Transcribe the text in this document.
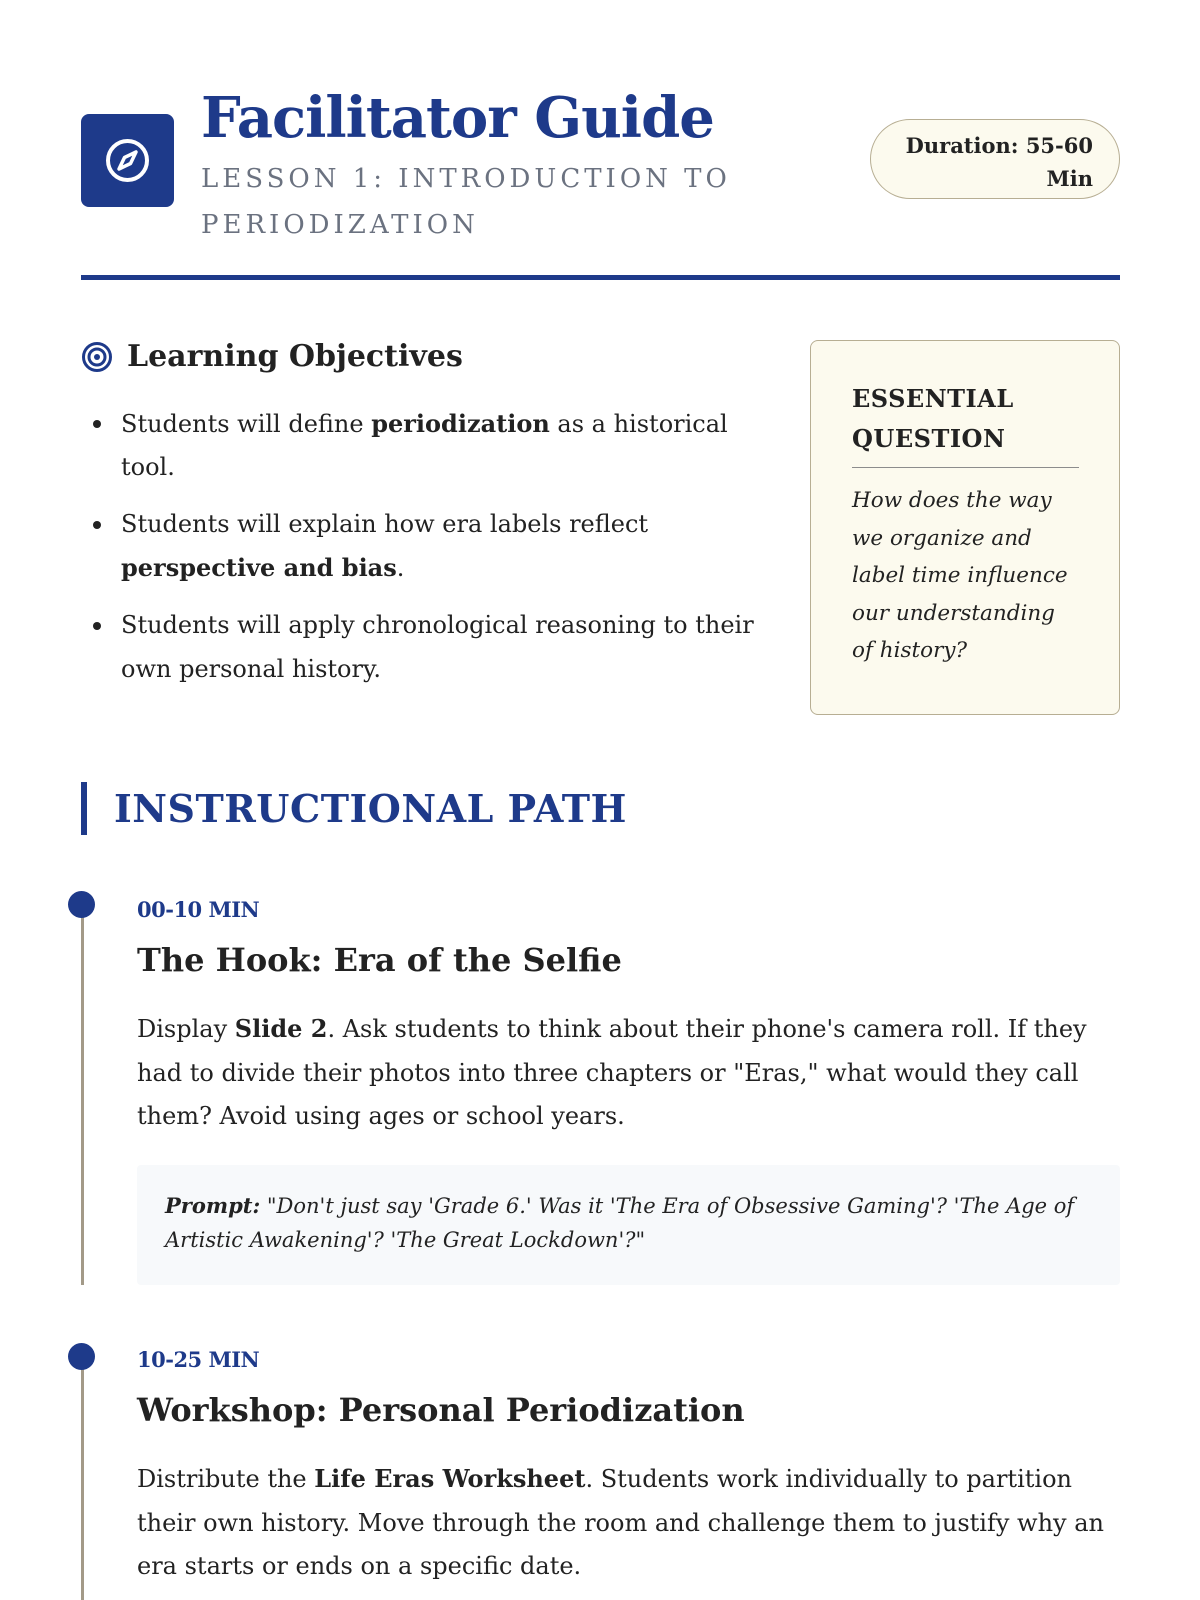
Facilitator Guide
LESSON 1: INTRODUCTION TO PERIODIZATION
Duration: 55-60 Min
Learning Objectives
Students will define periodization as a historical tool.
Students will explain how era labels reflect perspective and bias.
Students will apply chronological reasoning to their own personal history.
ESSENTIAL QUESTION
How does the way we organize and label time influence our understanding of history?
INSTRUCTIONAL PATH
00-10 MIN
The Hook: Era of the Selfie
Display Slide 2. Ask students to think about their phone's camera roll. If they had to divide their photos into three chapters or "Eras," what would they call them? Avoid using ages or school years.
Prompt: "Don't just say 'Grade 6.' Was it 'The Era of Obsessive Gaming'? 'The Age of Artistic Awakening'? 'The Great Lockdown'?"
10-25 MIN
Workshop: Personal Periodization
Distribute the Life Eras Worksheet. Students work individually to partition their own history. Move through the room and challenge them to justify why an era starts or ends on a specific date.
